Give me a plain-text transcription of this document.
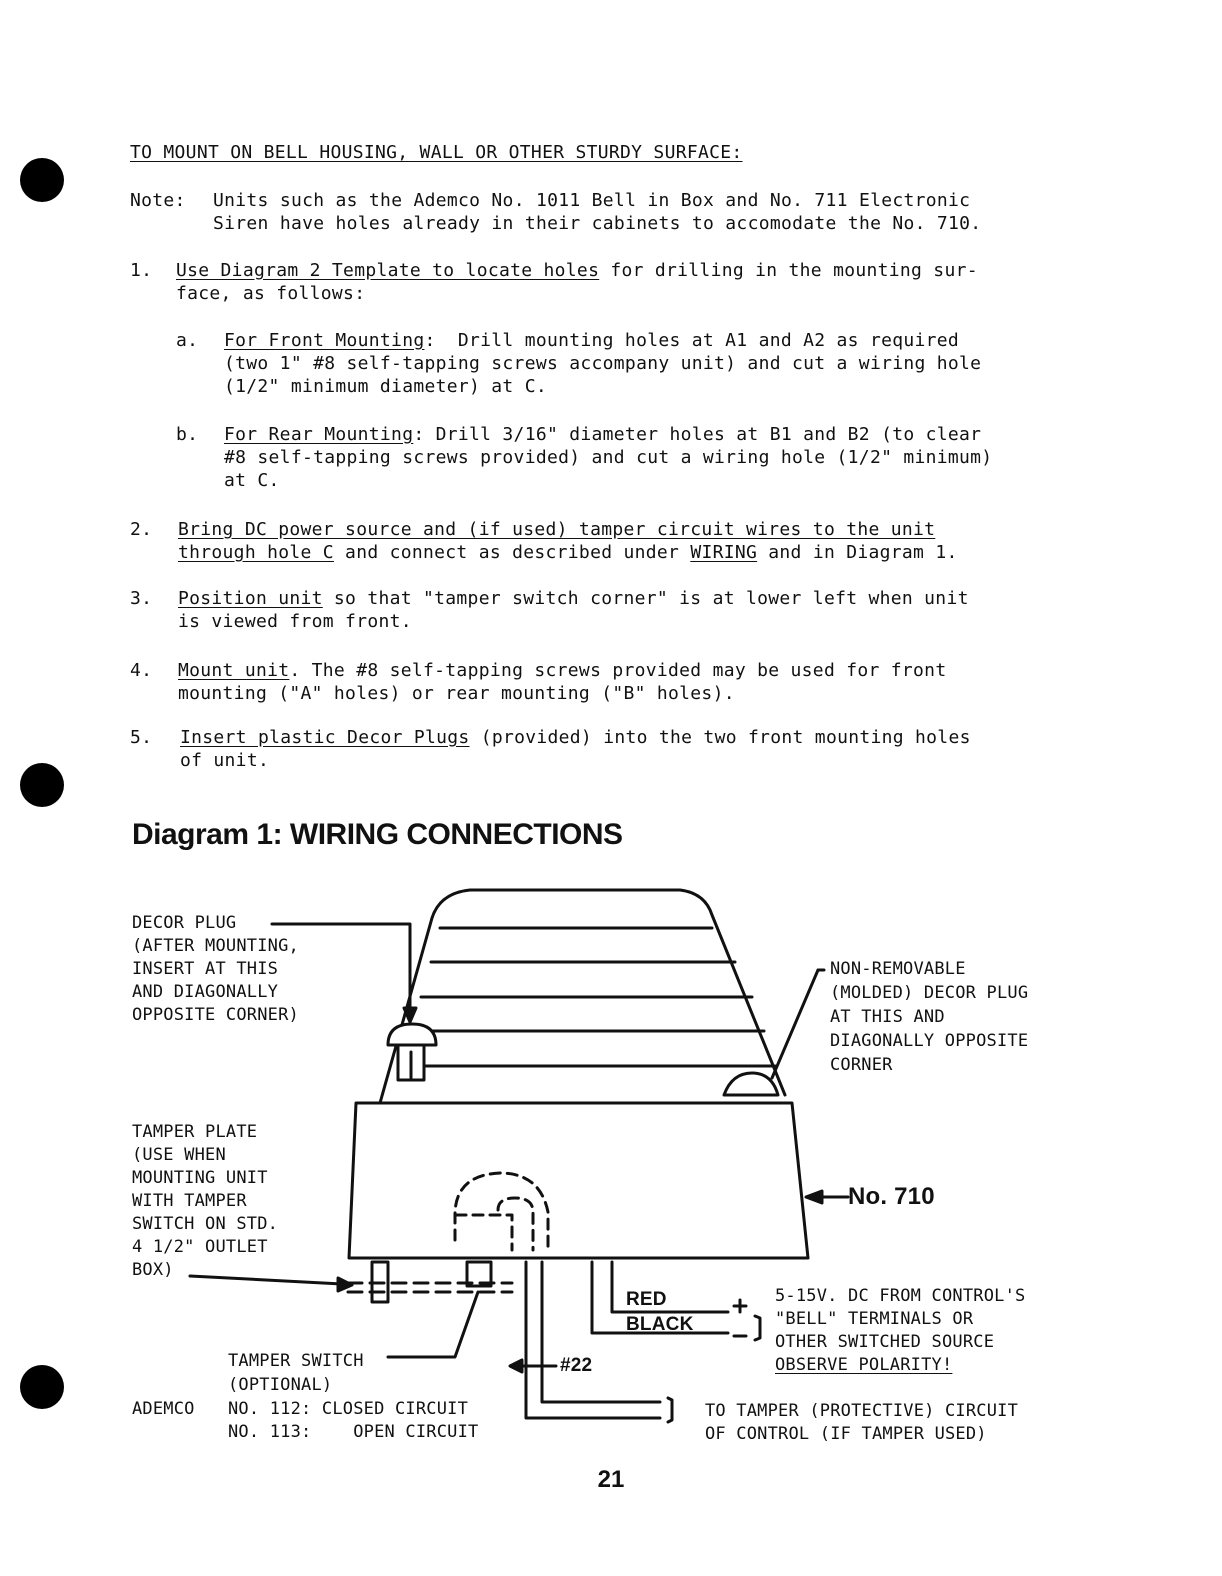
TO MOUNT ON BELL HOUSING, WALL OR OTHER STURDY SURFACE:
Note: Units such as the Ademco No. 1011 Bell in Box and No. 711 Electronic
Siren have holes already in their cabinets to accomodate the No. 710.
1. Use Diagram 2 Template to locate holes for drilling in the mounting sur-
face, as follows:
a. For Front Mounting:  Drill mounting holes at A1 and A2 as required
(two 1" #8 self-tapping screws accompany unit) and cut a wiring hole
(1/2" minimum diameter) at C.
b. For Rear Mounting: Drill 3/16" diameter holes at B1 and B2 (to clear
#8 self-tapping screws provided) and cut a wiring hole (1/2" minimum)
at C.
2. Bring DC power source and (if used) tamper circuit wires to the unit
through hole C and connect as described under WIRING and in Diagram 1.
3. Position unit so that "tamper switch corner" is at lower left when unit
is viewed from front.
4. Mount unit. The #8 self-tapping screws provided may be used for front
mounting ("A" holes) or rear mounting ("B" holes).
5. Insert plastic Decor Plugs (provided) into the two front mounting holes
of unit.
Diagram 1: WIRING CONNECTIONS
DECOR PLUG
(AFTER MOUNTING,
INSERT AT THIS
AND DIAGONALLY
OPPOSITE CORNER)
NON-REMOVABLE
(MOLDED) DECOR PLUG
AT THIS AND
DIAGONALLY OPPOSITE
CORNER
TAMPER PLATE
(USE WHEN
MOUNTING UNIT
WITH TAMPER
SWITCH ON STD.
4 1/2" OUTLET
BOX)
No. 710
RED
BLACK
5-15V. DC FROM CONTROL'S
"BELL" TERMINALS OR
OTHER SWITCHED SOURCE
OBSERVE POLARITY!
#22
TAMPER SWITCH
(OPTIONAL)
ADEMCO NO. 112: CLOSED CIRCUIT
NO. 113:    OPEN CIRCUIT
TO TAMPER (PROTECTIVE) CIRCUIT
OF CONTROL (IF TAMPER USED)
21
